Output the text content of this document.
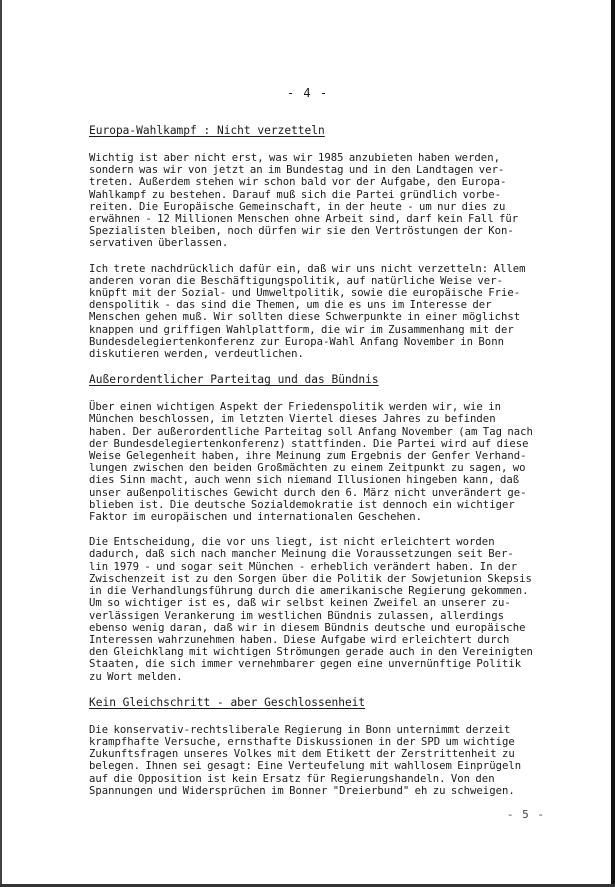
- 4 -
Europa-Wahlkampf : Nicht verzetteln
Wichtig ist aber nicht erst, was wir 1985 anzubieten haben werden,
sondern was wir von jetzt an im Bundestag und in den Landtagen ver-
treten. Außerdem stehen wir schon bald vor der Aufgabe, den Europa-
Wahlkampf zu bestehen. Darauf muß sich die Partei gründlich vorbe-
reiten. Die Europäische Gemeinschaft, in der heute - um nur dies zu
erwähnen - 12 Millionen Menschen ohne Arbeit sind, darf kein Fall für
Spezialisten bleiben, noch dürfen wir sie den Vertröstungen der Kon-
servativen überlassen.
Ich trete nachdrücklich dafür ein, daß wir uns nicht verzetteln: Allem
anderen voran die Beschäftigungspolitik, auf natürliche Weise ver-
knüpft mit der Sozial- und Umweltpolitik, sowie die europäische Frie-
denspolitik - das sind die Themen, um die es uns im Interesse der
Menschen gehen muß. Wir sollten diese Schwerpunkte in einer möglichst
knappen und griffigen Wahlplattform, die wir im Zusammenhang mit der
Bundesdelegiertenkonferenz zur Europa-Wahl Anfang November in Bonn
diskutieren werden, verdeutlichen.
Außerordentlicher Parteitag und das Bündnis
Über einen wichtigen Aspekt der Friedenspolitik werden wir, wie in
München beschlossen, im letzten Viertel dieses Jahres zu befinden
haben. Der außerordentliche Parteitag soll Anfang November (am Tag nach
der Bundesdelegiertenkonferenz) stattfinden. Die Partei wird auf diese
Weise Gelegenheit haben, ihre Meinung zum Ergebnis der Genfer Verhand-
lungen zwischen den beiden Großmächten zu einem Zeitpunkt zu sagen, wo
dies Sinn macht, auch wenn sich niemand Illusionen hingeben kann, daß
unser außenpolitisches Gewicht durch den 6. März nicht unverändert ge-
blieben ist. Die deutsche Sozialdemokratie ist dennoch ein wichtiger
Faktor im europäischen und internationalen Geschehen.
Die Entscheidung, die vor uns liegt, ist nicht erleichtert worden
dadurch, daß sich nach mancher Meinung die Voraussetzungen seit Ber-
lin 1979 - und sogar seit München - erheblich verändert haben. In der
Zwischenzeit ist zu den Sorgen über die Politik der Sowjetunion Skepsis
in die Verhandlungsführung durch die amerikanische Regierung gekommen.
Um so wichtiger ist es, daß wir selbst keinen Zweifel an unserer zu-
verlässigen Verankerung im westlichen Bündnis zulassen, allerdings
ebenso wenig daran, daß wir in diesem Bündnis deutsche und europäische
Interessen wahrzunehmen haben. Diese Aufgabe wird erleichtert durch
den Gleichklang mit wichtigen Strömungen gerade auch in den Vereinigten
Staaten, die sich immer vernehmbarer gegen eine unvernünftige Politik
zu Wort melden.
Kein Gleichschritt - aber Geschlossenheit
Die konservativ-rechtsliberale Regierung in Bonn unternimmt derzeit
krampfhafte Versuche, ernsthafte Diskussionen in der SPD um wichtige
Zukunftsfragen unseres Volkes mit dem Etikett der Zerstrittenheit zu
belegen. Ihnen sei gesagt: Eine Verteufelung mit wahllosem Einprügeln
auf die Opposition ist kein Ersatz für Regierungshandeln. Von den
Spannungen und Widersprüchen im Bonner "Dreierbund" eh zu schweigen.
- 5 -
